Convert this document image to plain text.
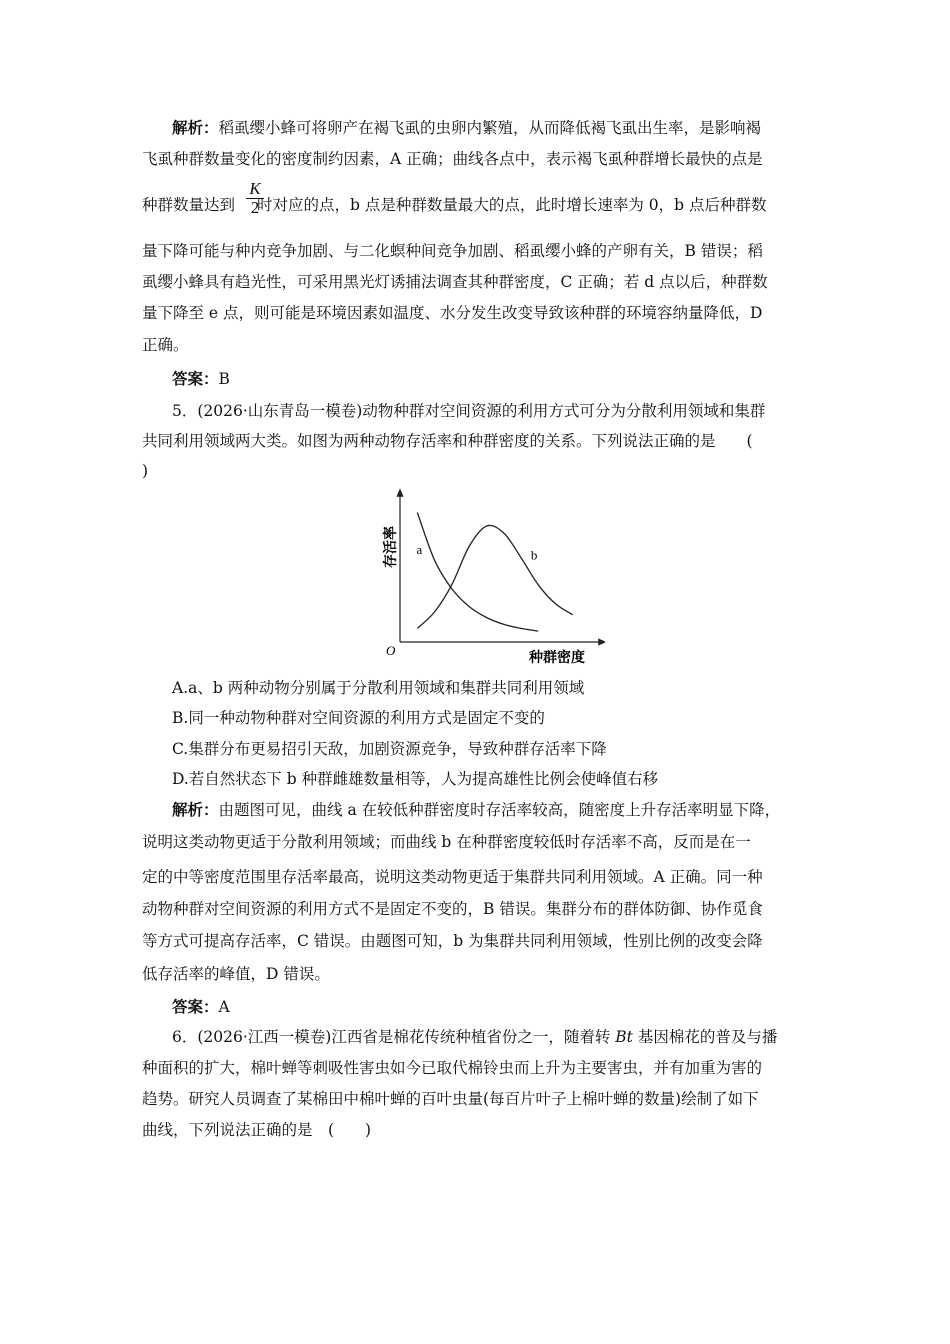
解析：稻虱缨小蜂可将卵产在褐飞虱的虫卵内繁殖，从而降低褐飞虱出生率，是影响褐
飞虱种群数量变化的密度制约因素，A 正确；曲线各点中，表示褐飞虱种群增长最快的点是
种群数量达到 时对应的点，b 点是种群数量最大的点，此时增长速率为 0，b 点后种群数
$\frac{K}{2}$
量下降可能与种内竞争加剧、与二化螟种间竞争加剧、稻虱缨小蜂的产卵有关，B 错误；稻
虱缨小蜂具有趋光性，可采用黑光灯诱捕法调查其种群密度，C 正确；若 d 点以后，种群数
量下降至 e 点，则可能是环境因素如温度、水分发生改变导致该种群的环境容纳量降低，D
正确。
答案：B
5．(2026·山东青岛一模卷)动物种群对空间资源的利用方式可分为分散利用领域和集群
共同利用领域两大类。如图为两种动物存活率和种群密度的关系。下列说法正确的是　　(
)
存活率
种群密度
O
a	b
A.a、b 两种动物分别属于分散利用领域和集群共同利用领域
B.同一种动物种群对空间资源的利用方式是固定不变的
C.集群分布更易招引天敌，加剧资源竞争，导致种群存活率下降
D.若自然状态下 b 种群雌雄数量相等，人为提高雄性比例会使峰值右移
解析：由题图可见，曲线 a 在较低种群密度时存活率较高，随密度上升存活率明显下降，
说明这类动物更适于分散利用领域；而曲线 b 在种群密度较低时存活率不高，反而是在一
定的中等密度范围里存活率最高，说明这类动物更适于集群共同利用领域。A 正确。同一种
动物种群对空间资源的利用方式不是固定不变的，B 错误。集群分布的群体防御、协作觅食
等方式可提高存活率，C 错误。由题图可知，b 为集群共同利用领域，性别比例的改变会降
低存活率的峰值，D 错误。
答案：A
6．(2026·江西一模卷)江西省是棉花传统种植省份之一，随着转 Bt 基因棉花的普及与播
种面积的扩大，棉叶蝉等刺吸性害虫如今已取代棉铃虫而上升为主要害虫，并有加重为害的
趋势。研究人员调查了某棉田中棉叶蝉的百叶虫量(每百片叶子上棉叶蝉的数量)绘制了如下
曲线，下列说法正确的是　(　　)
